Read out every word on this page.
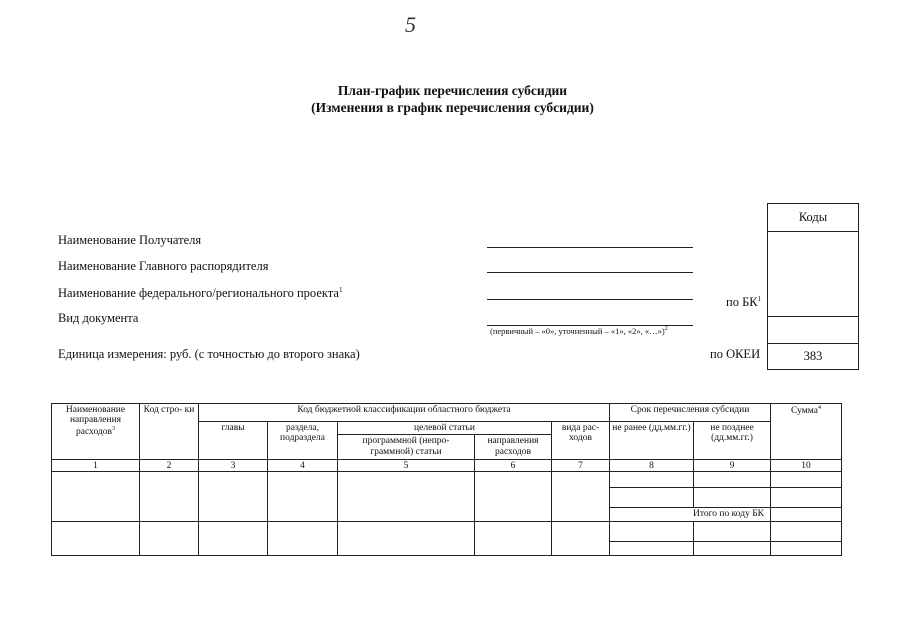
5
План-график перечисления субсидии
(Изменения в график перечисления субсидии)
Наименование Получателя
Наименование Главного распорядителя
Наименование федерального/регионального проекта$^1$
Вид документа
Единица измерения: руб. (с точностью до второго знака)
(первичный – «0», уточненный – «1», «2», «…»)$^2$
по $БК^1$
по ОКЕИ
Коды
383
Наименование направления расходов$^3$	Код стро- ки	Код бюджетной классификации областного бюджета					Срок перечисления субсидии		Сумма$^4$
		главы	раздела, подраздела	целевой статьи		вида рас- ходов	не ранее (дд.мм.гг.)	не позднее (дд.мм.гг.)	
				программной (непро- граммной) статьи	направления расходов				
1	2	3	4	5	6	7	8	9	10

							Итого по коду БК		
